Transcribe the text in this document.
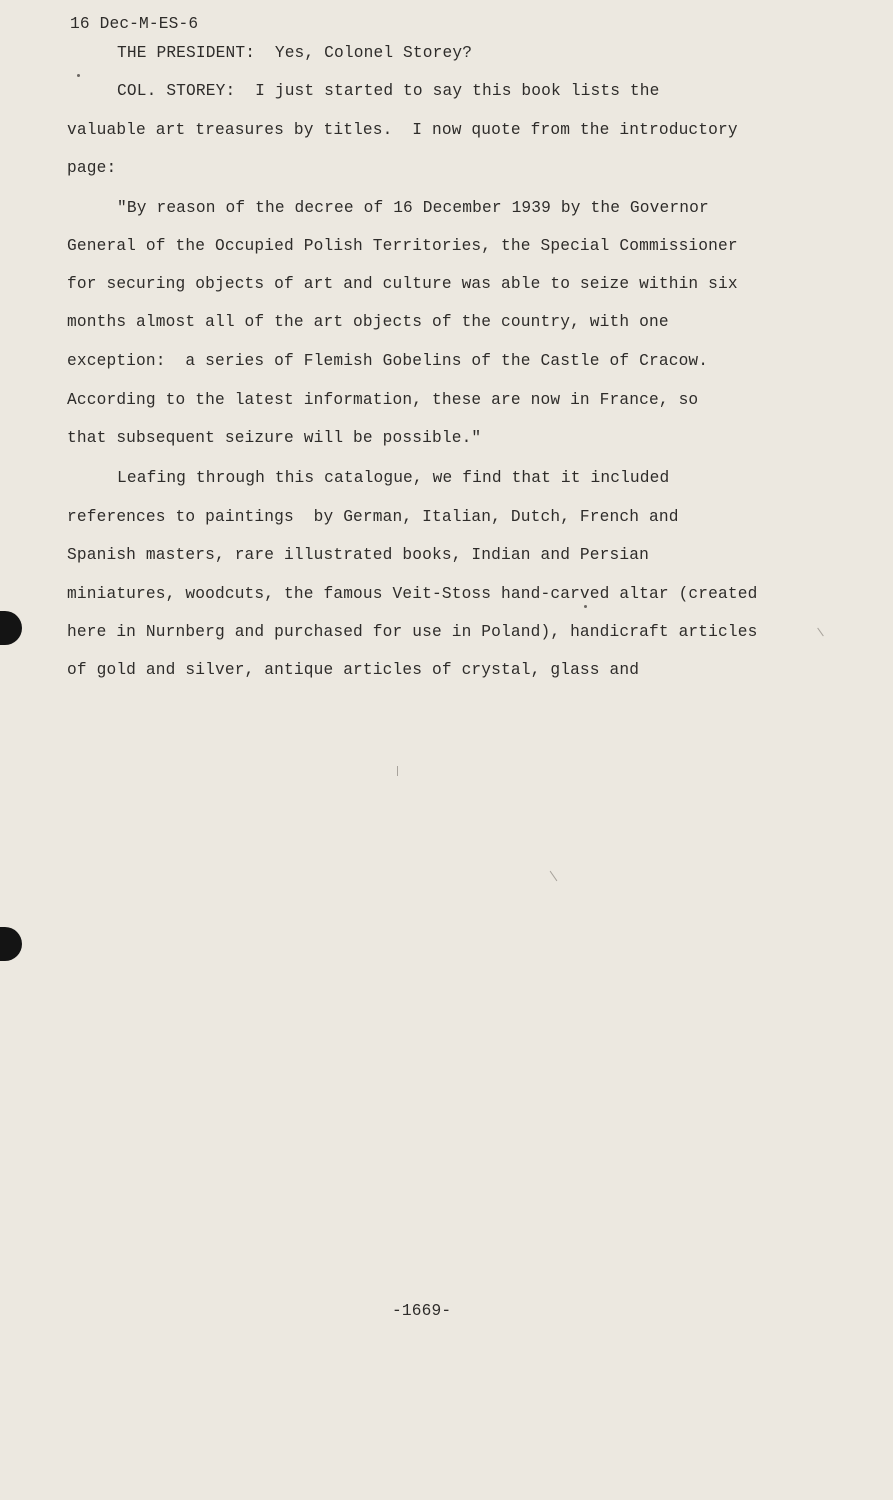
16 Dec-M-ES-6
THE PRESIDENT:  Yes, Colonel Storey?
COL. STOREY:  I just started to say this book lists the
valuable art treasures by titles.  I now quote from the introductory
page:
"By reason of the decree of 16 December 1939 by the Governor
General of the Occupied Polish Territories, the Special Commissioner
for securing objects of art and culture was able to seize within six
months almost all of the art objects of the country, with one
exception:  a series of Flemish Gobelins of the Castle of Cracow.
According to the latest information, these are now in France, so
that subsequent seizure will be possible."
Leafing through this catalogue, we find that it included
references to paintings  by German, Italian, Dutch, French and
Spanish masters, rare illustrated books, Indian and Persian
miniatures, woodcuts, the famous Veit-Stoss hand-carved altar (created
here in Nurnberg and purchased for use in Poland), handicraft articles
of gold and silver, antique articles of crystal, glass and
-1669-
